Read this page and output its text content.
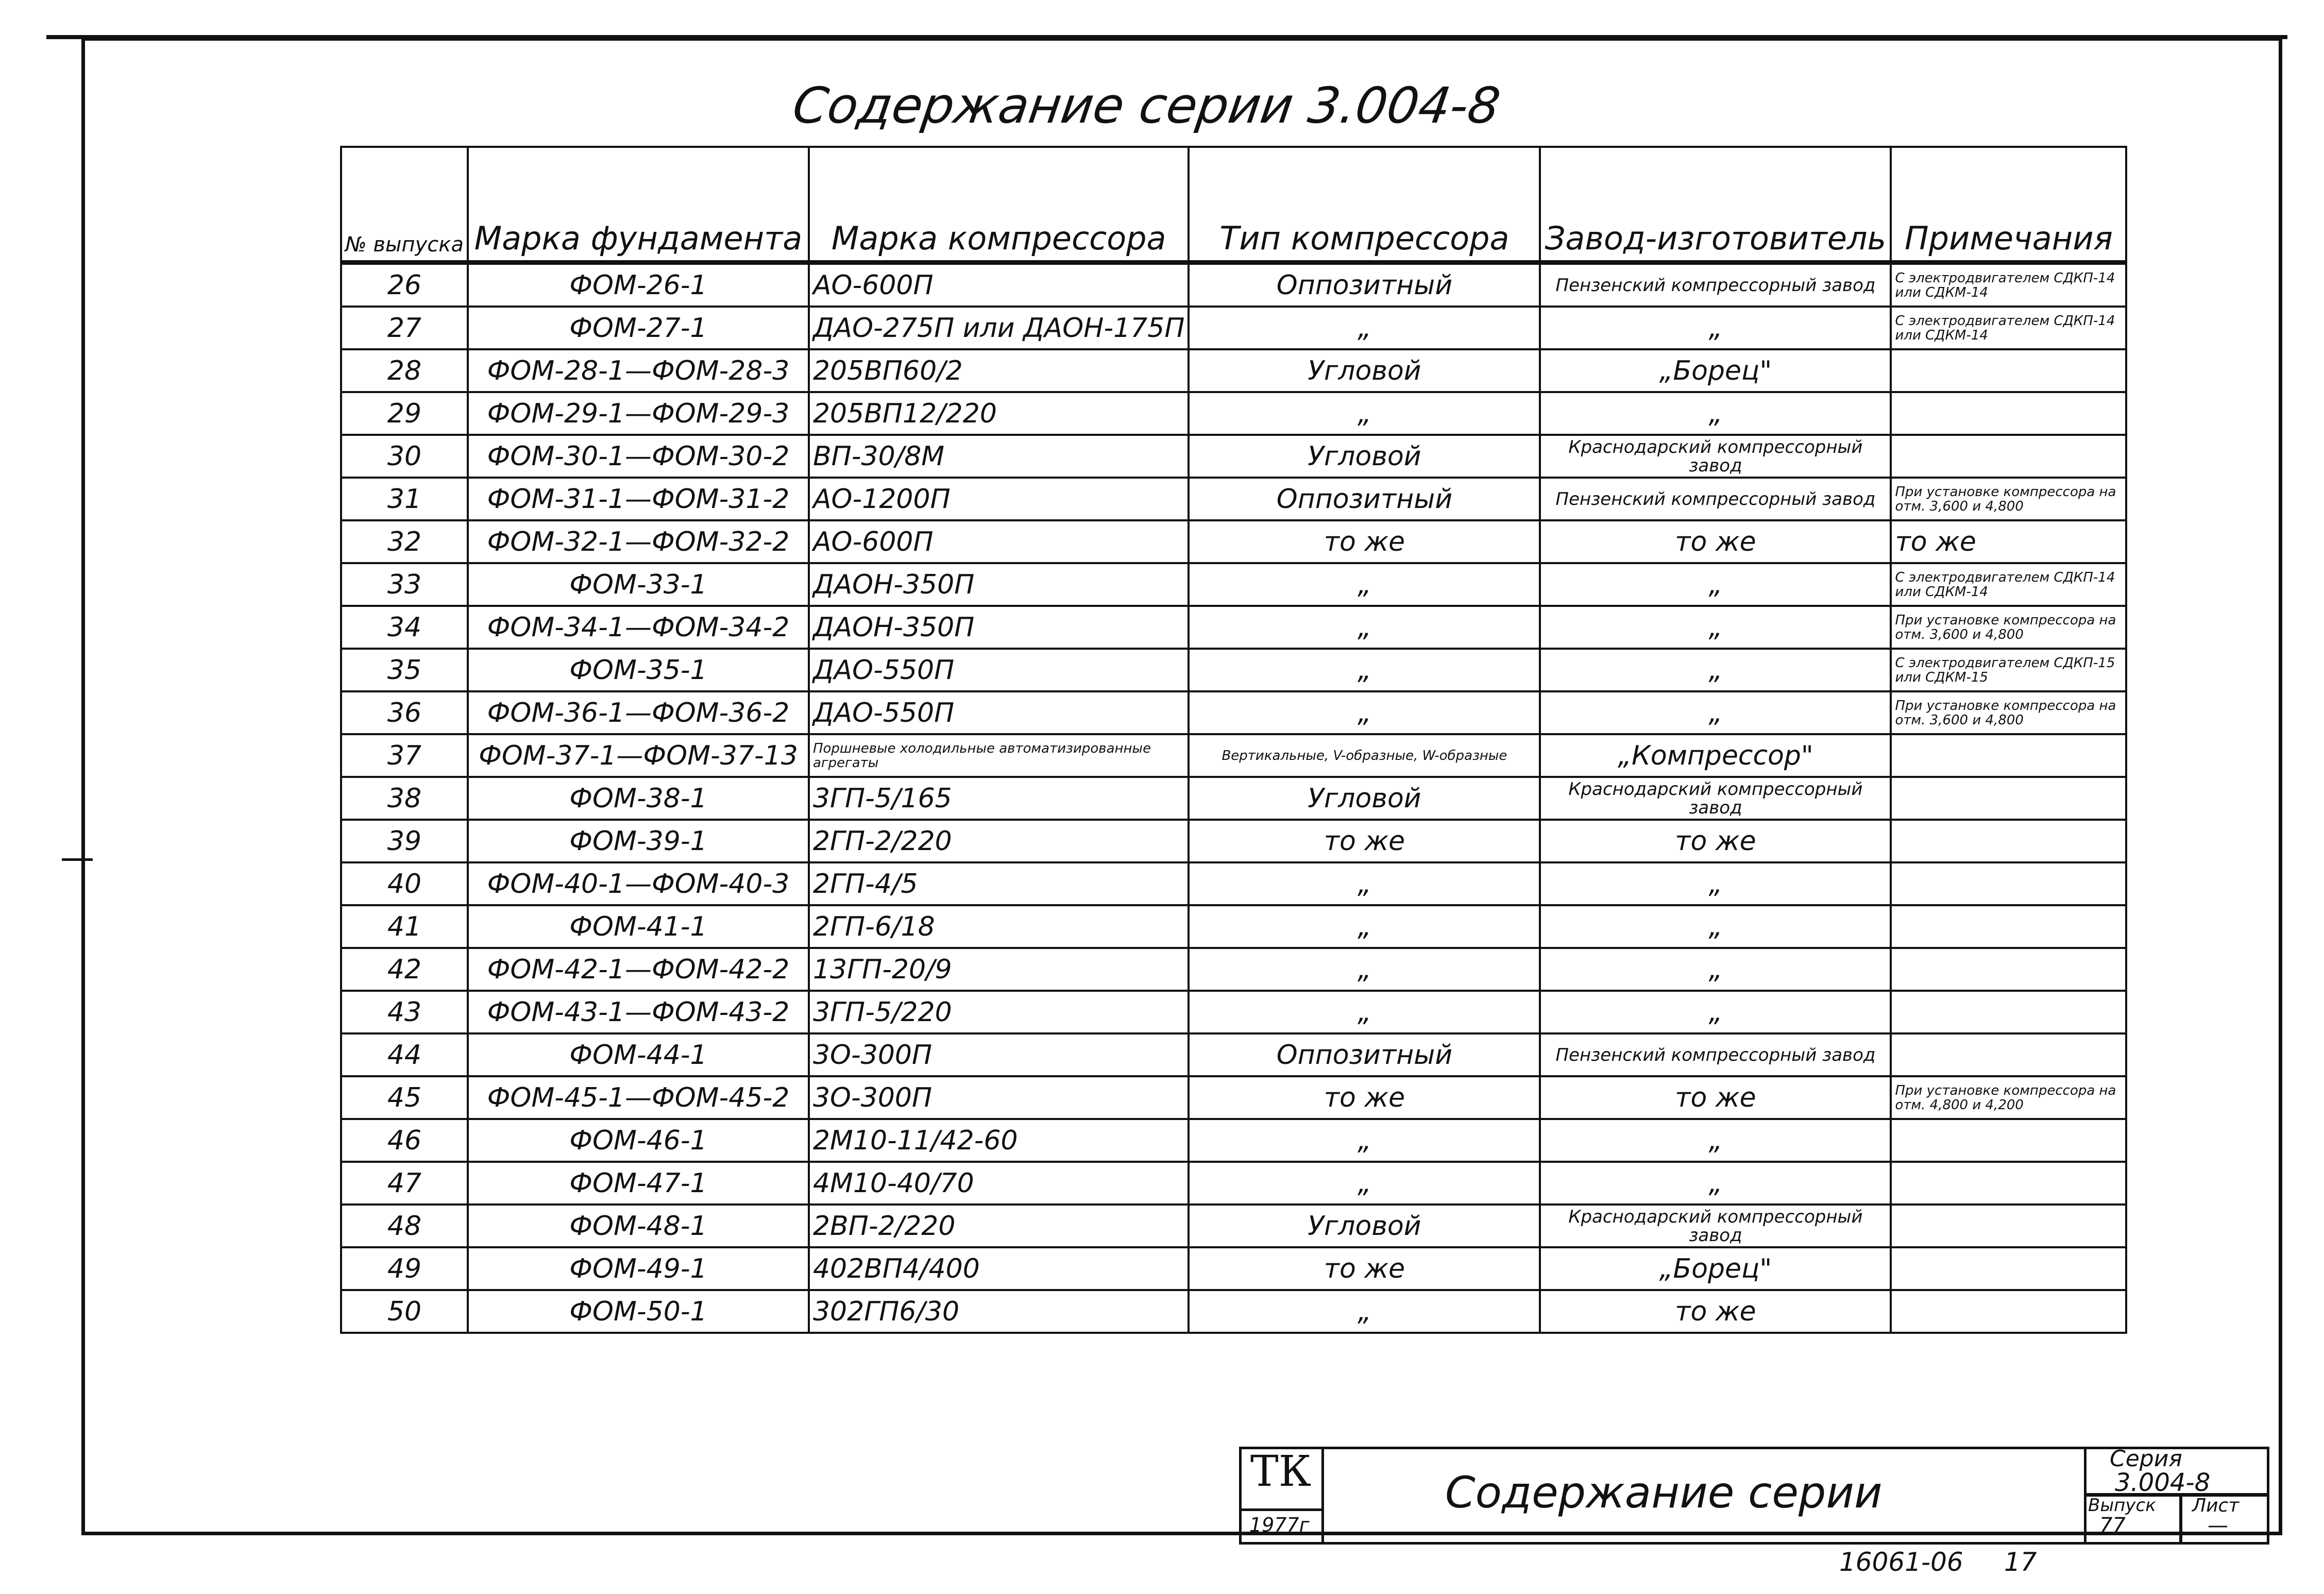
Содержание серии 3.004-8
№ выпуска	Марка фундамента	Марка компрессора	Тип компрессора	Завод-изготовитель	Примечания
26	ФОМ-26-1	АО-600П	Оппозитный	Пензенский компрессорный завод	С электродвигателем СДКП-14 или СДКМ-14
27	ФОМ-27-1	ДАО-275П или ДАОН-175П	„	„	С электродвигателем СДКП-14 или СДКМ-14
28	ФОМ-28-1—ФОМ-28-3	205ВП60/2	Угловой	„Борец"	
29	ФОМ-29-1—ФОМ-29-3	205ВП12/220	„	„	
30	ФОМ-30-1—ФОМ-30-2	ВП-30/8М	Угловой	Краснодарский компрессорный завод	
31	ФОМ-31-1—ФОМ-31-2	АО-1200П	Оппозитный	Пензенский компрессорный завод	При установке компрессора на отм. 3,600 и 4,800
32	ФОМ-32-1—ФОМ-32-2	АО-600П	то же	то же	то же
33	ФОМ-33-1	ДАОН-350П	„	„	С электродвигателем СДКП-14 или СДКМ-14
34	ФОМ-34-1—ФОМ-34-2	ДАОН-350П	„	„	При установке компрессора на отм. 3,600 и 4,800
35	ФОМ-35-1	ДАО-550П	„	„	С электродвигателем СДКП-15 или СДКМ-15
36	ФОМ-36-1—ФОМ-36-2	ДАО-550П	„	„	При установке компрессора на отм. 3,600 и 4,800
37	ФОМ-37-1—ФОМ-37-13	Поршневые холодильные автоматизированные агрегаты	Вертикальные, V-образные, W-образные	„Компрессор"	
38	ФОМ-38-1	3ГП-5/165	Угловой	Краснодарский компрессорный завод	
39	ФОМ-39-1	2ГП-2/220	то же	то же	
40	ФОМ-40-1—ФОМ-40-3	2ГП-4/5	„	„	
41	ФОМ-41-1	2ГП-6/18	„	„	
42	ФОМ-42-1—ФОМ-42-2	13ГП-20/9	„	„	
43	ФОМ-43-1—ФОМ-43-2	3ГП-5/220	„	„	
44	ФОМ-44-1	3О-300П	Оппозитный	Пензенский компрессорный завод	
45	ФОМ-45-1—ФОМ-45-2	3О-300П	то же	то же	При установке компрессора на отм. 4,800 и 4,200
46	ФОМ-46-1	2М10-11/42-60	„	„	
47	ФОМ-47-1	4М10-40/70	„	„	
48	ФОМ-48-1	2ВП-2/220	Угловой	Краснодарский компрессорный завод	
49	ФОМ-49-1	402ВП4/400	то же	„Борец"	
50	ФОМ-50-1	302ГП6/30	„	то же	
ТК
1977г
Содержание серии
Серия
3.004-8
Выпуск
77
Лист
—
16061-06 17
